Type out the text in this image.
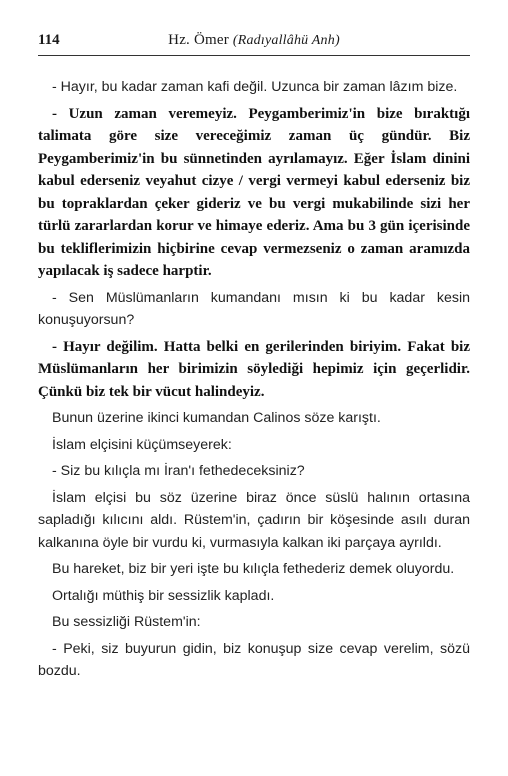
114	Hz. Ömer (Radıyallâhü Anh)

- Hayır, bu kadar zaman kafi değil. Uzunca bir zaman lâzım bize.

- Uzun zaman veremeyiz. Peygamberimiz'in bize bıraktığı talimata göre size vereceğimiz zaman üç gündür. Biz Peygamberimiz'in bu sünnetinden ayrılamayız. Eğer İslam dinini kabul ederseniz veyahut cizye / vergi vermeyi kabul ederseniz biz bu topraklardan çeker gideriz ve bu vergi mukabilinde sizi her türlü zararlardan korur ve himaye ederiz. Ama bu 3 gün içerisinde bu tekliflerimizin hiçbirine cevap vermezseniz o zaman aramızda yapılacak iş sadece harptir.

- Sen Müslümanların kumandanı mısın ki bu kadar kesin konuşuyorsun?

- Hayır değilim. Hatta belki en gerilerinden biriyim. Fakat biz Müslümanların her birimizin söylediği hepimiz için geçerlidir. Çünkü biz tek bir vücut halindeyiz.

Bunun üzerine ikinci kumandan Calinos söze karıştı.

İslam elçisini küçümseyerek:

- Siz bu kılıçla mı İran'ı fethedeceksiniz?

İslam elçisi bu söz üzerine biraz önce süslü halının ortasına sapladığı kılıcını aldı. Rüstem'in, çadırın bir köşesinde asılı duran kalkanına öyle bir vurdu ki, vurmasıyla kalkan iki parçaya ayrıldı.

Bu hareket, biz bir yeri işte bu kılıçla fethederiz demek oluyordu.

Ortalığı müthiş bir sessizlik kapladı.

Bu sessizliği Rüstem'in:

- Peki, siz buyurun gidin, biz konuşup size cevap verelim, sözü bozdu.
